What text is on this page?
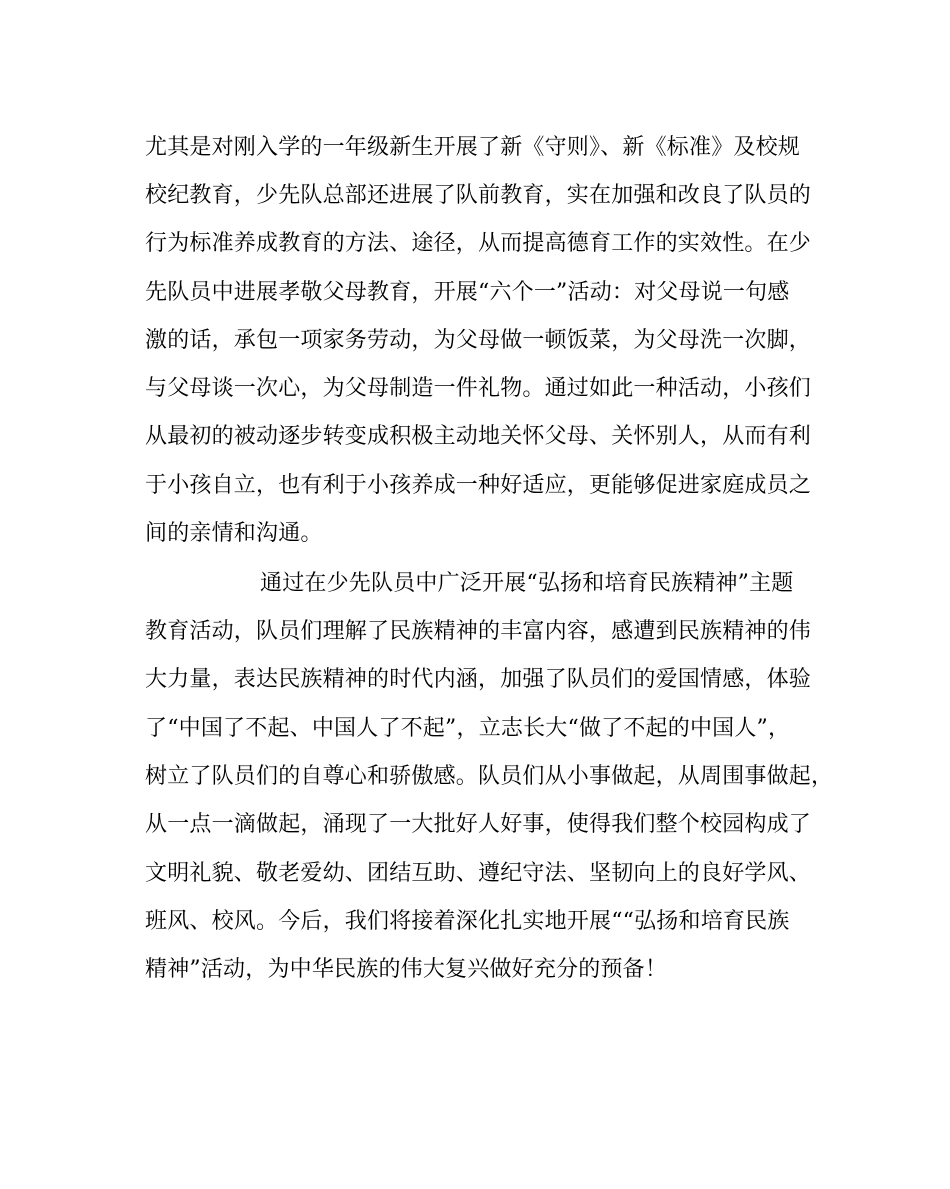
尤其是对刚入学的一年级新生开展了新《守则》、新《标准》及校规
校纪教育，少先队总部还进展了队前教育，实在加强和改良了队员的
行为标准养成教育的方法、途径，从而提高德育工作的实效性。在少
先队员中进展孝敬父母教育，开展“六个一”活动：对父母说一句感
激的话，承包一项家务劳动，为父母做一顿饭菜，为父母洗一次脚，
与父母谈一次心，为父母制造一件礼物。通过如此一种活动，小孩们
从最初的被动逐步转变成积极主动地关怀父母、关怀别人，从而有利
于小孩自立，也有利于小孩养成一种好适应，更能够促进家庭成员之
间的亲情和沟通。
通过在少先队员中广泛开展“弘扬和培育民族精神”主题
教育活动，队员们理解了民族精神的丰富内容，感遭到民族精神的伟
大力量，表达民族精神的时代内涵，加强了队员们的爱国情感，体验
了“中国了不起、中国人了不起”，立志长大“做了不起的中国人”，
树立了队员们的自尊心和骄傲感。队员们从小事做起，从周围事做起，
从一点一滴做起，涌现了一大批好人好事，使得我们整个校园构成了
文明礼貌、敬老爱幼、团结互助、遵纪守法、坚韧向上的良好学风、
班风、校风。今后，我们将接着深化扎实地开展““弘扬和培育民族
精神”活动，为中华民族的伟大复兴做好充分的预备！
